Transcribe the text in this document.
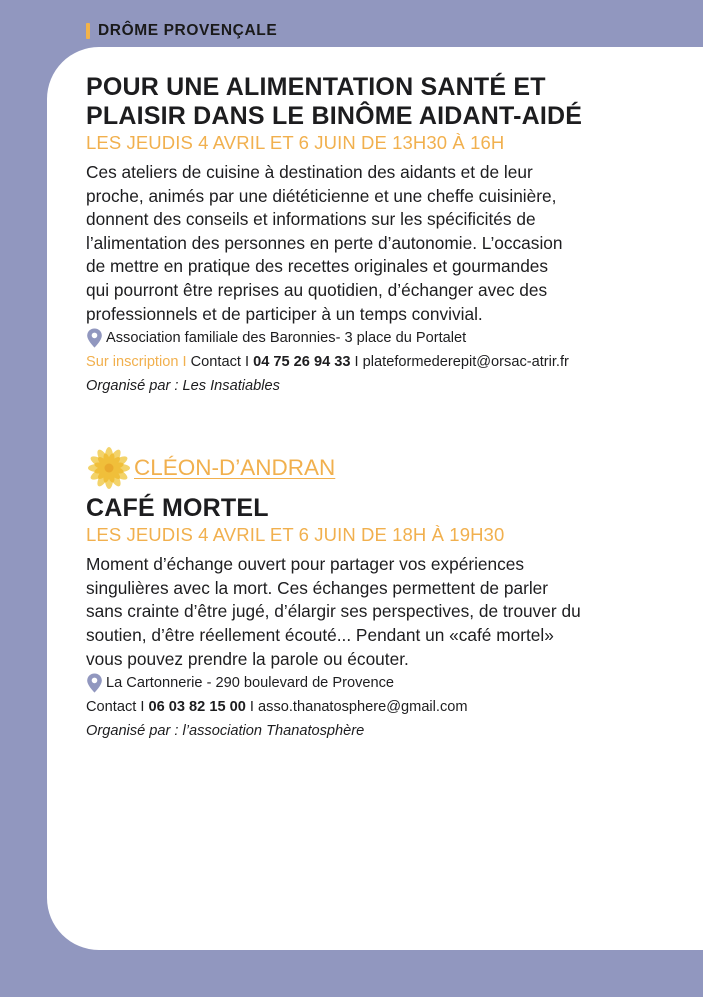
DRÔME PROVENÇALE
POUR UNE ALIMENTATION SANTÉ ET
PLAISIR DANS LE BINÔME AIDANT-AIDÉ
LES JEUDIS 4 AVRIL ET 6 JUIN DE 13H30 À 16H
Ces ateliers de cuisine à destination des aidants et de leur
proche, animés par une diététicienne et une cheffe cuisinière,
donnent des conseils et informations sur les spécificités de
l’alimentation des personnes en perte d’autonomie. L’occasion
de mettre en pratique des recettes originales et gourmandes
qui pourront être reprises au quotidien, d’échanger avec des
professionnels et de participer à un temps convivial.
Association familiale des Baronnies- 3 place du Portalet
Sur inscription I Contact I 04 75 26 94 33 I plateformederepit@orsac-atrir.fr
Organisé par : Les Insatiables
CLÉON-D’ANDRAN
CAFÉ MORTEL
LES JEUDIS 4 AVRIL ET 6 JUIN DE 18H À 19H30
Moment d’échange ouvert pour partager vos expériences
singulières avec la mort. Ces échanges permettent de parler
sans crainte d’être jugé, d’élargir ses perspectives, de trouver du
soutien, d’être réellement écouté... Pendant un «café mortel»
vous pouvez prendre la parole ou écouter.
La Cartonnerie - 290 boulevard de Provence
Contact I 06 03 82 15 00 I asso.thanatosphere@gmail.com
Organisé par : l’association Thanatosphère
